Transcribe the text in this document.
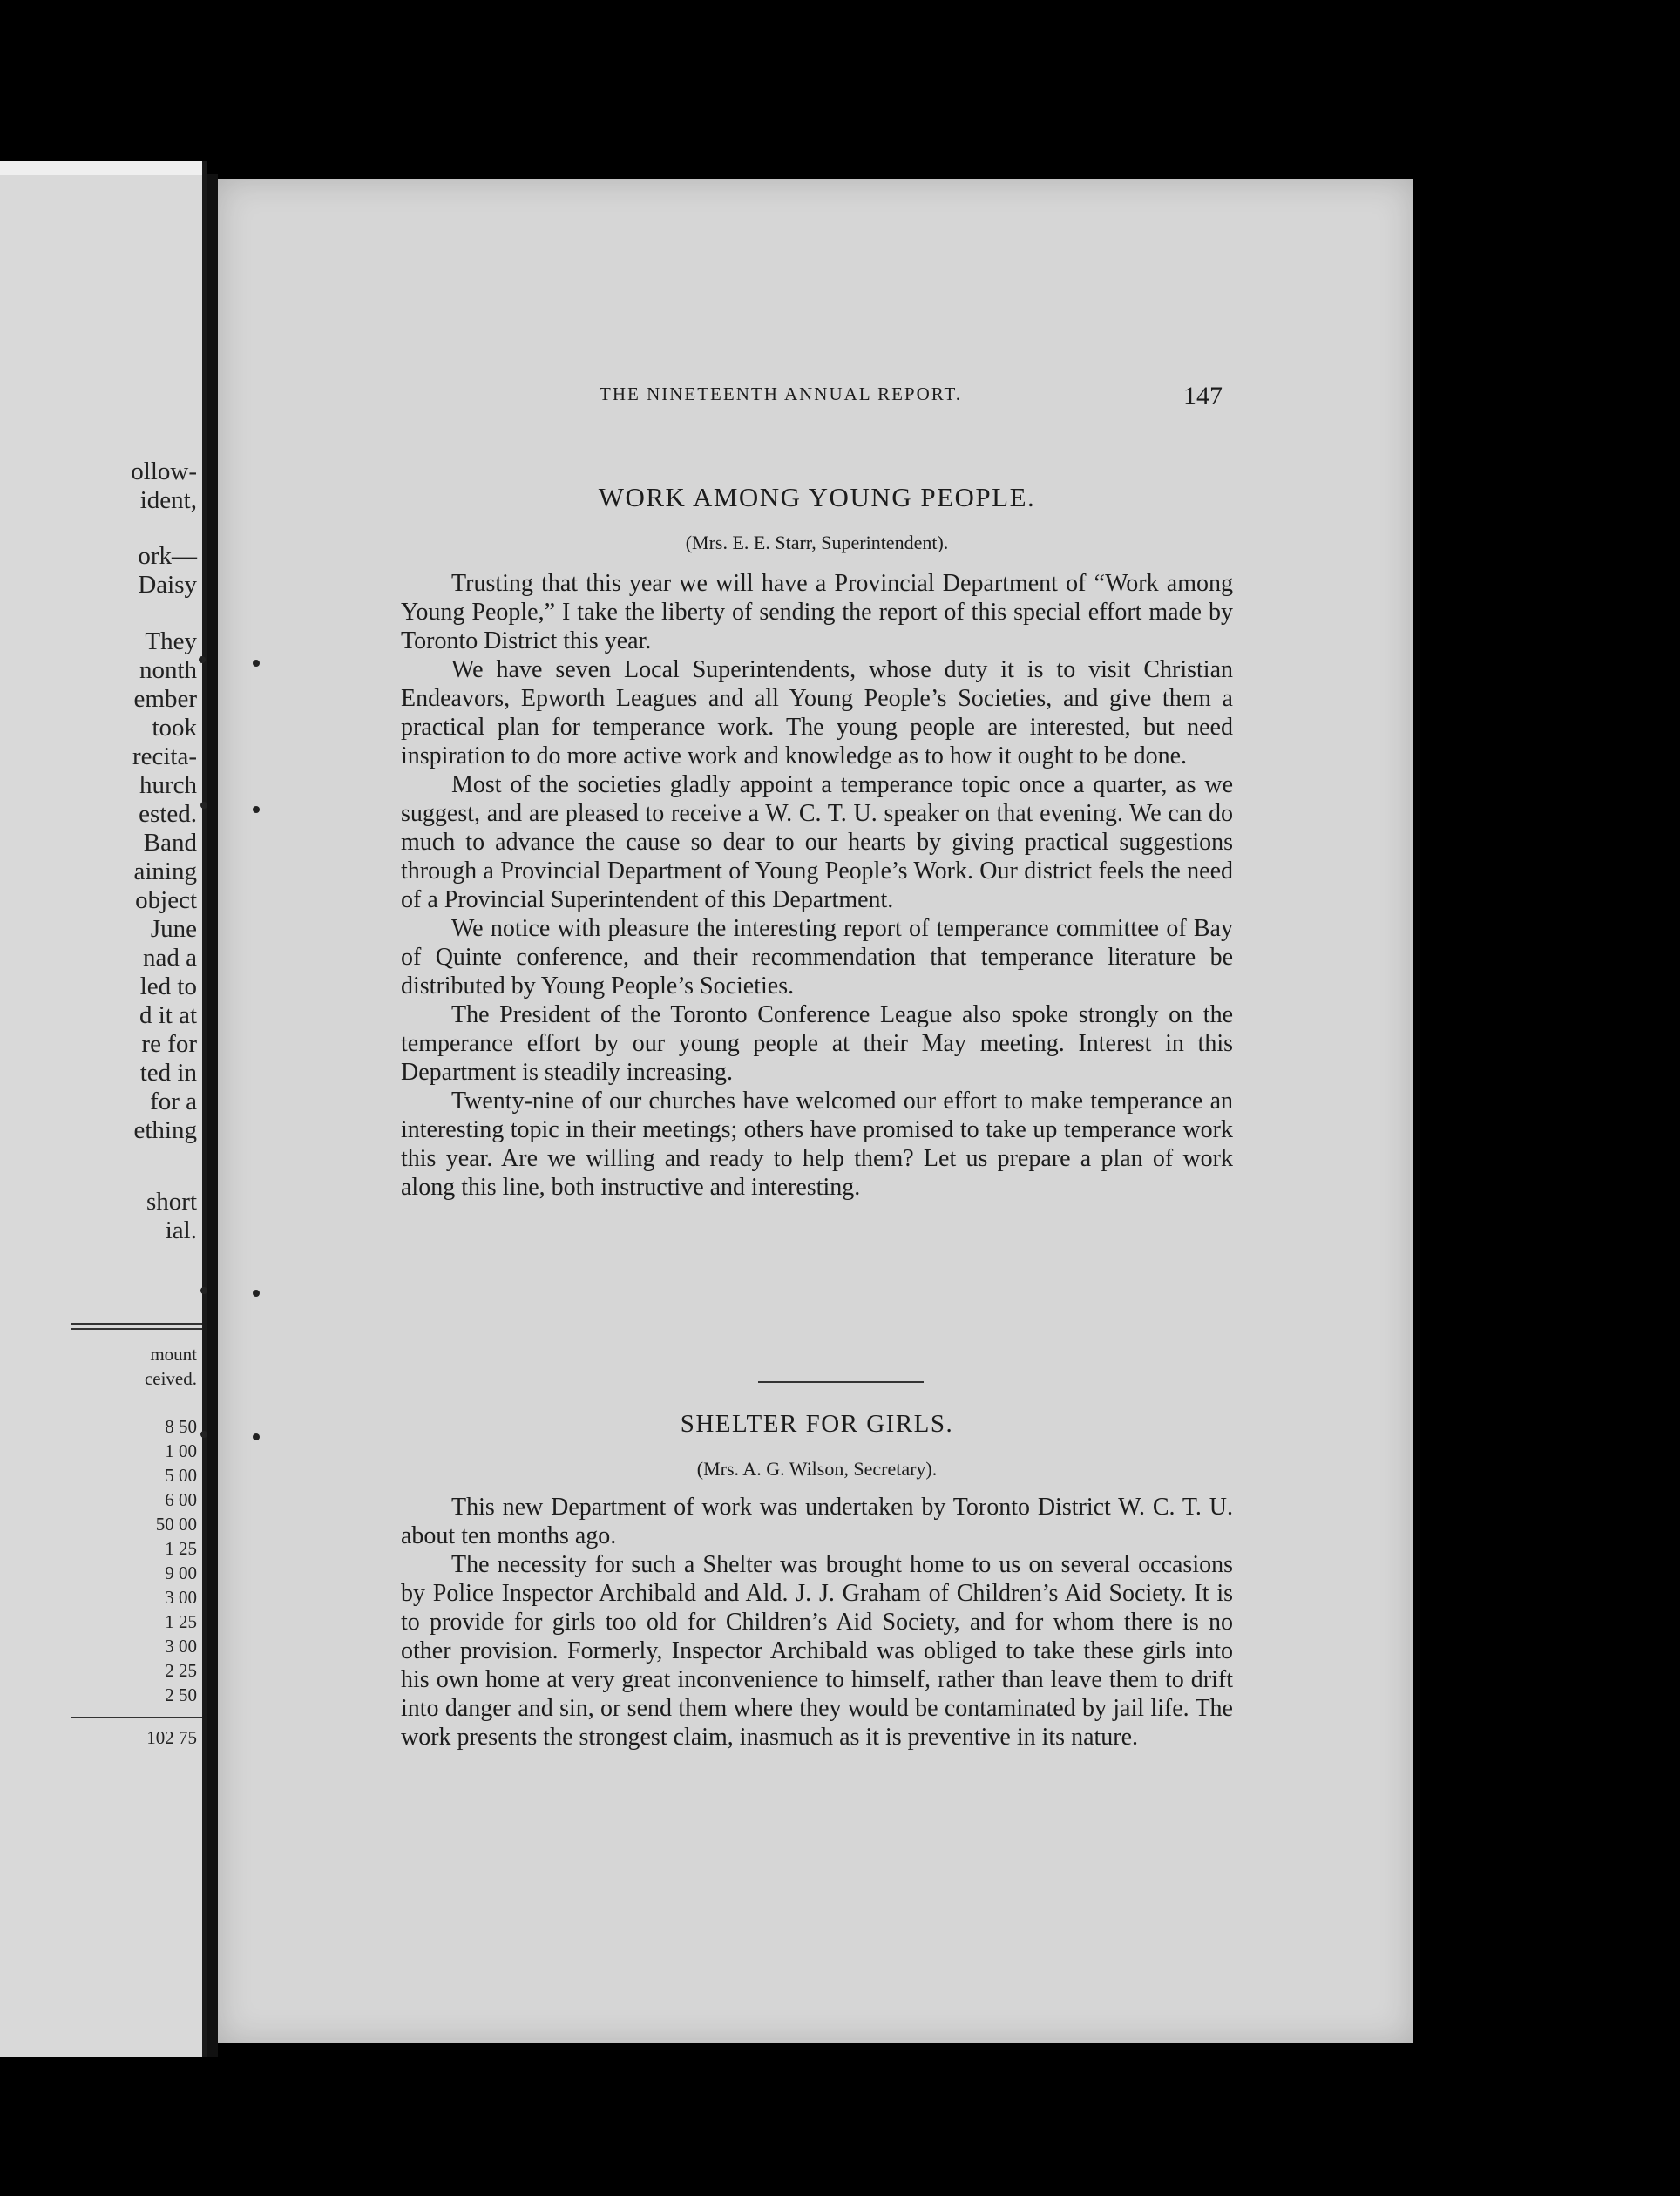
ollow-
ident,
ork—
Daisy
They
nonth
ember
took
recita-
hurch
ested.
Band
aining
object
June
nad a
led to
d it at
re for
ted in
for a
ething
short
ial.
mount
ceived.
8 50
1 00
5 00
6 00
50 00
1 25
9 00
3 00
1 25
3 00
2 25
2 50
102 75
THE NINETEENTH ANNUAL REPORT.	147
WORK AMONG YOUNG PEOPLE.
(Mrs. E. E. Starr, Superintendent).

Trusting that this year we will have a Provincial Department of “Work among Young People,” I take the liberty of sending the report of this special effort made by Toronto District this year.

We have seven Local Superintendents, whose duty it is to visit Christian Endeavors, Epworth Leagues and all Young People’s Societies, and give them a practical plan for temperance work. The young people are interested, but need inspiration to do more active work and knowledge as to how it ought to be done.

Most of the societies gladly appoint a temperance topic once a quarter, as we suggest, and are pleased to receive a W. C. T. U. speaker on that evening. We can do much to advance the cause so dear to our hearts by giving practical suggestions through a Provincial Department of Young People’s Work. Our district feels the need of a Provincial Superintendent of this Department.

We notice with pleasure the interesting report of temperance committee of Bay of Quinte conference, and their recommendation that temperance literature be distributed by Young People’s Societies.

The President of the Toronto Conference League also spoke strongly on the temperance effort by our young people at their May meeting. Interest in this Department is steadily increasing.

Twenty-nine of our churches have welcomed our effort to make temperance an interesting topic in their meetings; others have promised to take up temperance work this year. Are we willing and ready to help them? Let us prepare a plan of work along this line, both instructive and interesting.

SHELTER FOR GIRLS.
(Mrs. A. G. Wilson, Secretary).

This new Department of work was undertaken by Toronto District W. C. T. U. about ten months ago.

The necessity for such a Shelter was brought home to us on several occasions by Police Inspector Archibald and Ald. J. J. Graham of Children’s Aid Society. It is to provide for girls too old for Children’s Aid Society, and for whom there is no other provision. Formerly, Inspector Archibald was obliged to take these girls into his own home at very great inconvenience to himself, rather than leave them to drift into danger and sin, or send them where they would be contaminated by jail life. The work presents the strongest claim, inasmuch as it is preventive in its nature.
